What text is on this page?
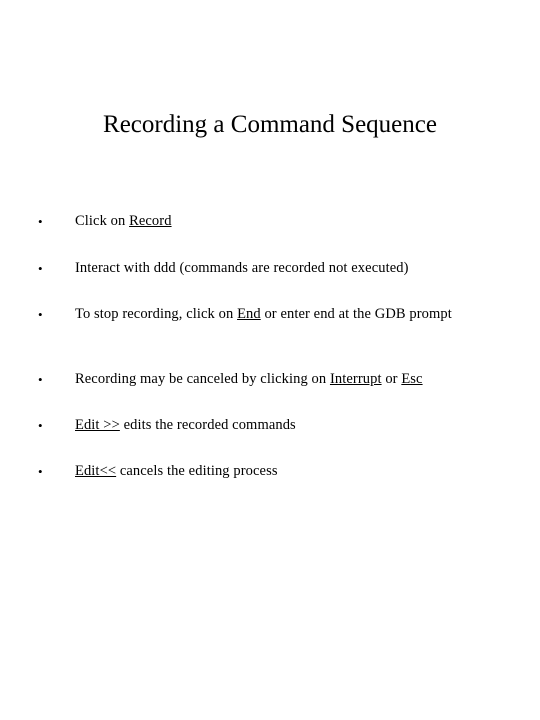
Recording a Command Sequence
• Click on Record
• Interact with ddd (commands are recorded not executed)
• To stop recording, click on End or enter end at the GDB prompt
• Recording may be canceled by clicking on Interrupt or Esc
• Edit >> edits the recorded commands
• Edit<< cancels the editing process
